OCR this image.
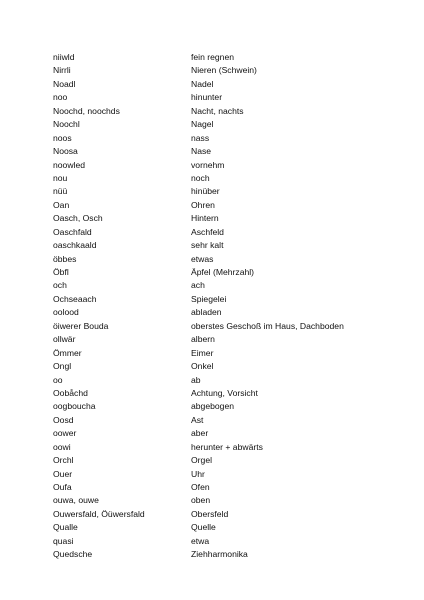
niiwld	fein regnen
Nirrli	Nieren (Schwein)
Noadl	Nadel
noo	hinunter
Noochd, noochds	Nacht, nachts
Noochl	Nagel
noos	nass
Noosa	Nase
noowled	vornehm
nou	noch
nüü	hinüber
Oan	Ohren
Oasch, Osch	Hintern
Oaschfald	Aschfeld
oaschkaald	sehr kalt
öbbes	etwas
Öbfl	Äpfel (Mehrzahl)
och	ach
Ochseaach	Spiegelei
oolood	abladen
öiwerer Bouda	oberstes Geschoß im Haus, Dachboden
ollwär	albern
Ömmer	Eimer
Ongl	Onkel
oo	ab
Oobåchd	Achtung, Vorsicht
oogboucha	abgebogen
Oosd	Ast
oower	aber
oowi	herunter + abwärts
Orchl	Orgel
Ouer	Uhr
Oufa	Ofen
ouwa, ouwe	oben
Ouwersfald, Öüwersfald	Obersfeld
Qualle	Quelle
quasi	etwa
Quedsche	Ziehharmonika
